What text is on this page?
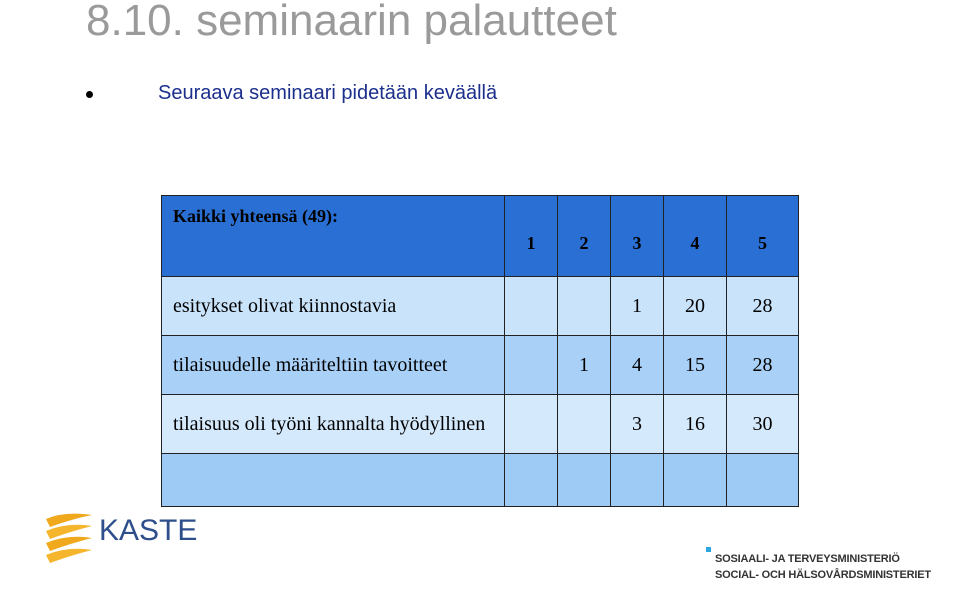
8.10. seminaarin palautteet
Seuraava seminaari pidetään keväällä
Kaikki yhteensä (49):	1	2	3	4	5
esitykset olivat kiinnostavia			1	20	28
tilaisuudelle määriteltiin tavoitteet		1	4	15	28
tilaisuus oli työni kannalta hyödyllinen			3	16	30

KASTE
SOSIAALI- JA TERVEYSMINISTERIÖ
SOCIAL- OCH HÄLSOVÅRDSMINISTERIET
